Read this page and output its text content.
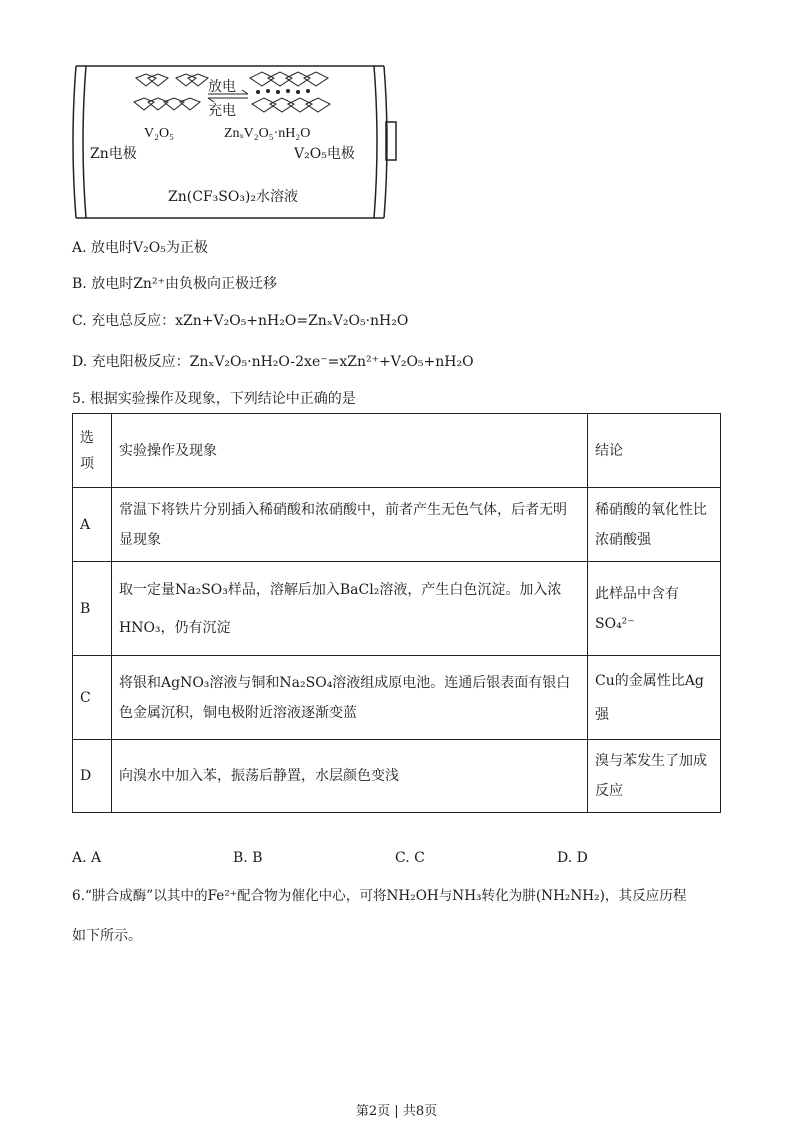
放电
充电
V₂O₅	ZnₓV₂O₅·nH₂O
Zn电极	V₂O₅电极
Zn(CF₃SO₃)₂水溶液
A. 放电时V₂O₅为正极
B. 放电时Zn²⁺由负极向正极迁移
C. 充电总反应：xZn+V₂O₅+nH₂O=ZnₓV₂O₅·nH₂O
D. 充电阳极反应：ZnₓV₂O₅·nH₂O-2xe⁻=xZn²⁺+V₂O₅+nH₂O
5. 根据实验操作及现象，下列结论中正确的是
选项	实验操作及现象	结论
A	常温下将铁片分别插入稀硝酸和浓硝酸中，前者产生无色气体，后者无明显现象	稀硝酸的氧化性比浓硝酸强
B	取一定量Na₂SO₃样品，溶解后加入BaCl₂溶液，产生白色沉淀。加入浓HNO₃，仍有沉淀	此样品中含有SO₄²⁻
C	将银和AgNO₃溶液与铜和Na₂SO₄溶液组成原电池。连通后银表面有银白色金属沉积，铜电极附近溶液逐渐变蓝	Cu的金属性比Ag强
D	向溴水中加入苯，振荡后静置，水层颜色变浅	溴与苯发生了加成反应
A. A	B. B	C. C	D. D
6.“肼合成酶”以其中的Fe²⁺配合物为催化中心，可将NH₂OH与NH₃转化为肼(NH₂NH₂)，其反应历程
如下所示。
第2页 | 共8页
